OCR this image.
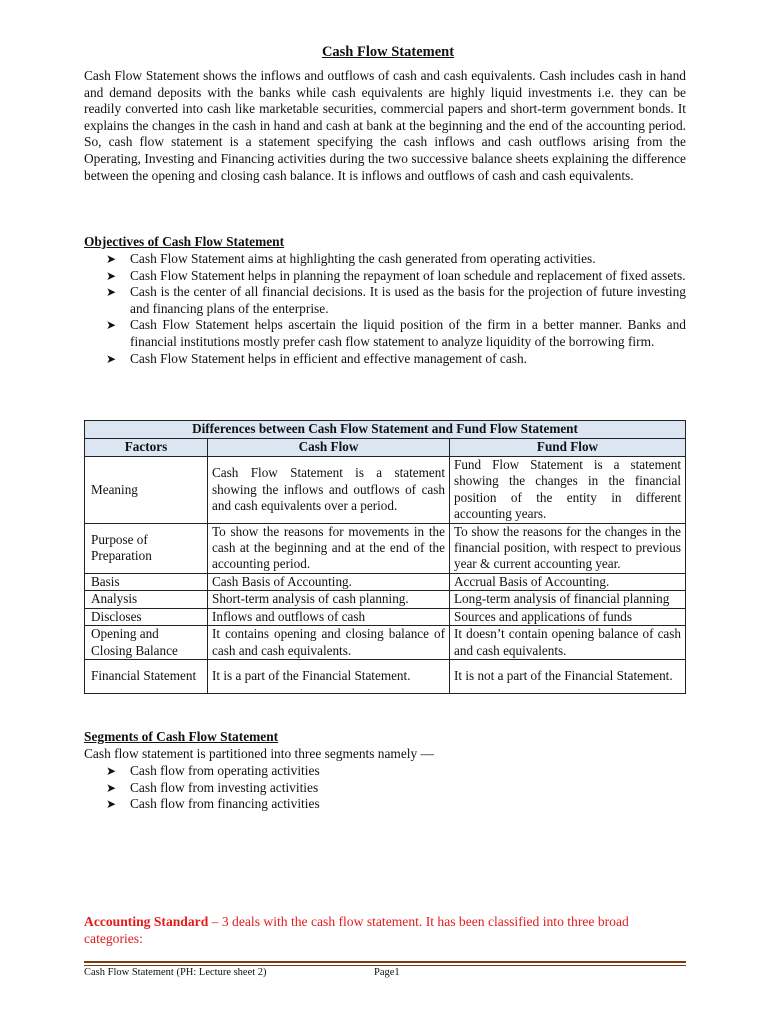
Cash Flow Statement

Cash Flow Statement shows the inflows and outflows of cash and cash equivalents. Cash includes cash in hand and demand deposits with the banks while cash equivalents are highly liquid investments i.e. they can be readily converted into cash like marketable securities, commercial papers and short-term government bonds. It explains the changes in the cash in hand and cash at bank at the beginning and the end of the accounting period. So, cash flow statement is a statement specifying the cash inflows and cash outflows arising from the Operating, Investing and Financing activities during the two successive balance sheets explaining the difference between the opening and closing cash balance. It is inflows and outflows of cash and cash equivalents.

Objectives of Cash Flow Statement
➤	Cash Flow Statement aims at highlighting the cash generated from operating activities.
➤	Cash Flow Statement helps in planning the repayment of loan schedule and replacement of fixed assets.
➤	Cash is the center of all financial decisions. It is used as the basis for the projection of future investing and financing plans of the enterprise.
➤	Cash Flow Statement helps ascertain the liquid position of the firm in a better manner. Banks and financial institutions mostly prefer cash flow statement to analyze liquidity of the borrowing firm.
➤	Cash Flow Statement helps in efficient and effective management of cash.
Differences between Cash Flow Statement and Fund Flow Statement		
Factors	Cash Flow	Fund Flow
Meaning	Cash Flow Statement is a statement showing the inflows and outflows of cash and cash equivalents over a period.	Fund Flow Statement is a statement showing the changes in the financial position of the entity in different accounting years.
Purpose of Preparation	To show the reasons for movements in the cash at the beginning and at the end of the accounting period.	To show the reasons for the changes in the financial position, with respect to previous year & current accounting year.
Basis	Cash Basis of Accounting.	Accrual Basis of Accounting.
Analysis	Short-term analysis of cash planning.	Long-term analysis of financial planning
Discloses	Inflows and outflows of cash	Sources and applications of funds
Opening and Closing Balance	It contains opening and closing balance of cash and cash equivalents.	It doesn’t contain opening balance of cash and cash equivalents.
Financial Statement	It is a part of the Financial Statement.	It is not a part of the Financial Statement.
Segments of Cash Flow Statement
Cash flow statement is partitioned into three segments namely —
➤	Cash flow from operating activities
➤	Cash flow from investing activities
➤	Cash flow from financing activities
Accounting Standard – 3 deals with the cash flow statement. It has been classified into three broad categories:
Cash Flow Statement (PH: Lecture sheet 2)	Page1
